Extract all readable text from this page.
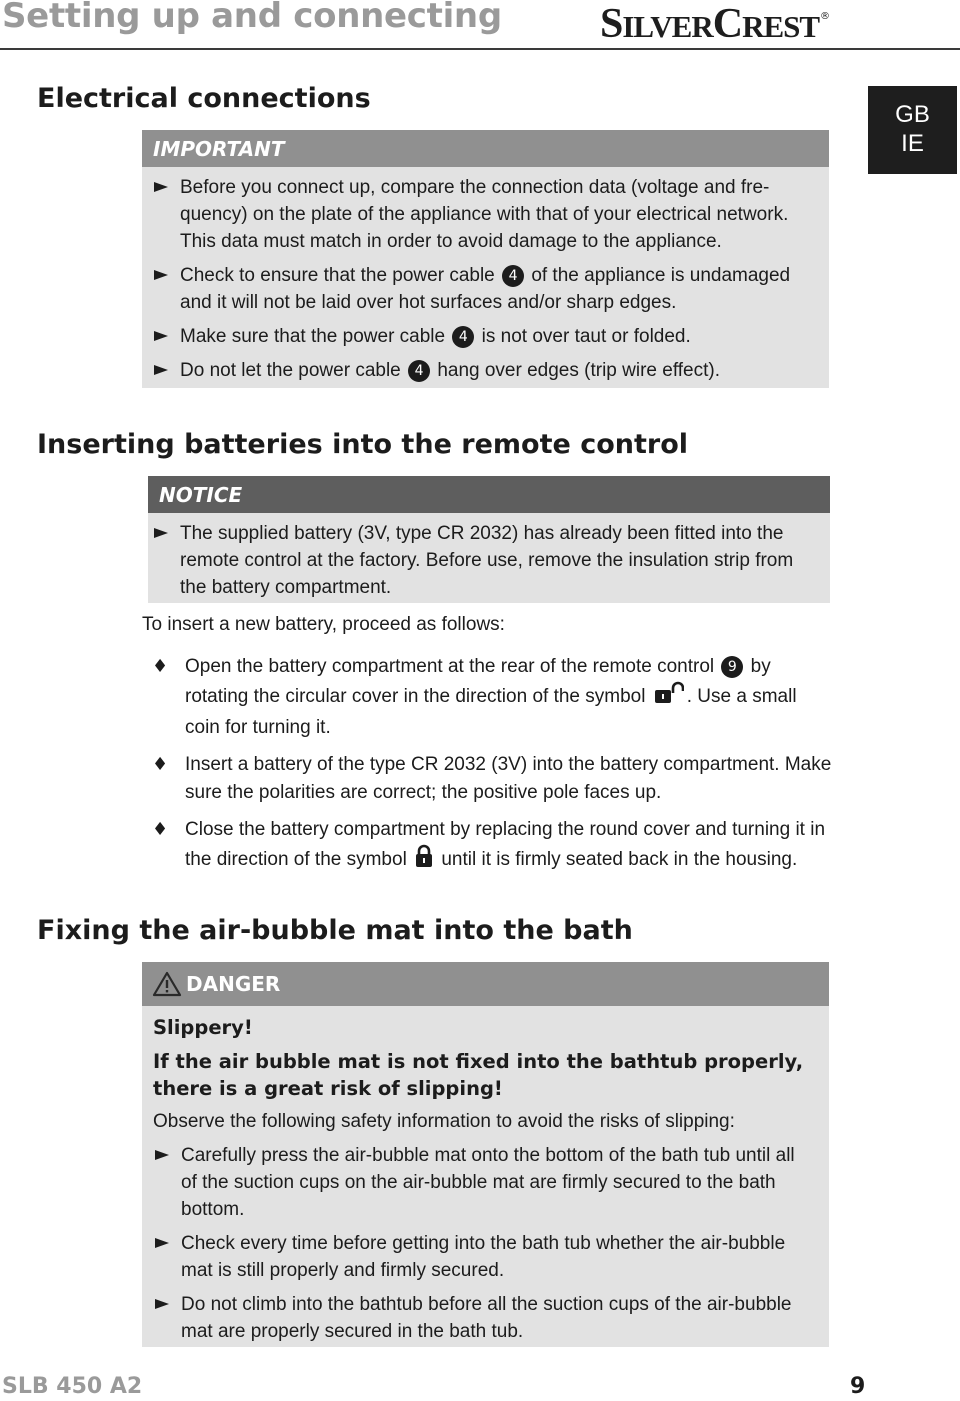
Setting up and connecting SILVERCREST®
GB
IE
Electrical connections
IMPORTANT
Before you connect up, compare the connection data (voltage and fre-quency) on the plate of the appliance with that of your electrical network. This data must match in order to avoid damage to the appliance.
Check to ensure that the power cable 4 of the appliance is undamaged and it will not be laid over hot surfaces and/or sharp edges.
Make sure that the power cable 4 is not over taut or folded.
Do not let the power cable 4 hang over edges (trip wire effect).
Inserting batteries into the remote control
NOTICE
The supplied battery (3V, type CR 2032) has already been fitted into the remote control at the factory. Before use, remove the insulation strip from the battery compartment.
To insert a new battery, proceed as follows:
♦ Open the battery compartment at the rear of the remote control 9 by rotating the circular cover in the direction of the symbol . Use a small coin for turning it.
♦ Insert a battery of the type CR 2032 (3V) into the battery compartment. Make sure the polarities are correct; the positive pole faces up.
♦ Close the battery compartment by replacing the round cover and turning it in the direction of the symbol until it is firmly seated back in the housing.
Fixing the air-bubble mat into the bath
DANGER
Slippery!
If the air bubble mat is not fixed into the bathtub properly, there is a great risk of slipping!
Observe the following safety information to avoid the risks of slipping:
Carefully press the air-bubble mat onto the bottom of the bath tub until all of the suction cups on the air-bubble mat are firmly secured to the bath bottom.
Check every time before getting into the bath tub whether the air-bubble mat is still properly and firmly secured.
Do not climb into the bathtub before all the suction cups of the air-bubble mat are properly secured in the bath tub.
SLB 450 A2	9
